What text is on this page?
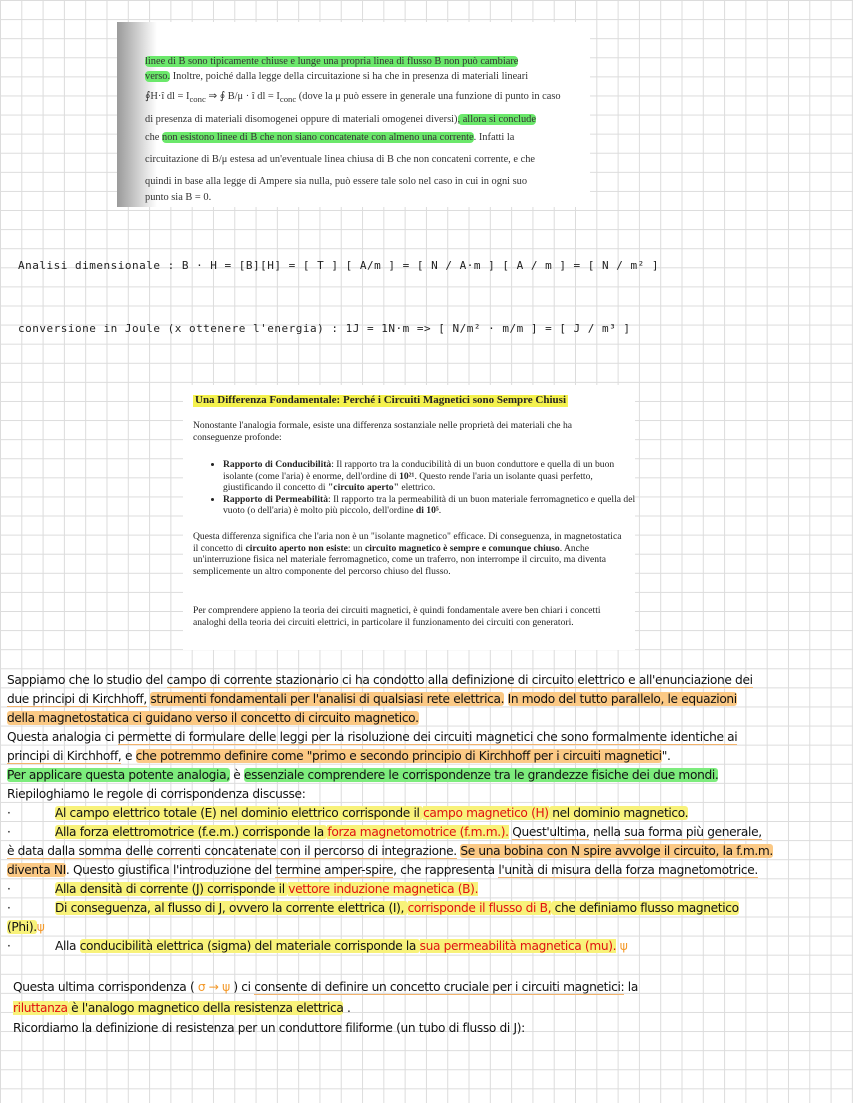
linee di B sono tipicamente chiuse e lunge una propria linea di flusso B non può cambiare
verso. Inoltre, poiché dalla legge della circuitazione si ha che in presenza di materiali lineari
∮H·î dl = $I_{conc}$ ⇒ ∮ B/μ · î dl = $I_{conc}$ (dove la μ può essere in generale una funzione di punto in caso
di presenza di materiali disomogenei oppure di materiali omogenei diversi), allora si conclude
che non esistono linee di B che non siano concatenate con almeno una corrente. Infatti la
circuitazione di B/μ estesa ad un'eventuale linea chiusa di B che non concateni corrente, e che
quindi in base alla legge di Ampere sia nulla, può essere tale solo nel caso in cui in ogni suo
punto sia B = 0.
Analisi dimensionale : B · H = [B][H] = [ T ] [ A/m ] = [ N / A·m ] [ A / m ] = [ N / m² ]
conversione in Joule (x ottenere l'energia) : 1J = 1N·m => [ N/m² · m/m ] = [ J / m³ ]
Una Differenza Fondamentale: Perché i Circuiti Magnetici sono Sempre Chiusi

Nonostante l'analogia formale, esiste una differenza sostanziale nelle proprietà dei materiali che ha conseguenze profonde:

• Rapporto di Conducibilità: Il rapporto tra la conducibilità di un buon conduttore e quella di un buon isolante (come l'aria) è enorme, dell'ordine di 10²¹. Questo rende l'aria un isolante quasi perfetto, giustificando il concetto di "circuito aperto" elettrico.
• Rapporto di Permeabilità: Il rapporto tra la permeabilità di un buon materiale ferromagnetico e quella del vuoto (o dell'aria) è molto più piccolo, dell'ordine di 10⁵.

Questa differenza significa che l'aria non è un "isolante magnetico" efficace. Di conseguenza, in magnetostatica il concetto di circuito aperto non esiste: un circuito magnetico è sempre e comunque chiuso. Anche un'interruzione fisica nel materiale ferromagnetico, come un traferro, non interrompe il circuito, ma diventa semplicemente un altro componente del percorso chiuso del flusso.

Per comprendere appieno la teoria dei circuiti magnetici, è quindi fondamentale avere ben chiari i concetti analoghi della teoria dei circuiti elettrici, in particolare il funzionamento dei circuiti con generatori.

Sappiamo che lo studio del campo di corrente stazionario ci ha condotto alla definizione di circuito elettrico e all'enunciazione dei
due principi di Kirchhoff, strumenti fondamentali per l'analisi di qualsiasi rete elettrica. In modo del tutto parallelo, le equazioni
della magnetostatica ci guidano verso il concetto di circuito magnetico.
Questa analogia ci permette di formulare delle leggi per la risoluzione dei circuiti magnetici che sono formalmente identiche ai
principi di Kirchhoff, e che potremmo definire come "primo e secondo principio di Kirchhoff per i circuiti magnetici".
Per applicare questa potente analogia, è essenziale comprendere le corrispondenze tra le grandezze fisiche dei due mondi.
Riepiloghiamo le regole di corrispondenza discusse:
·	Al campo elettrico totale (E) nel dominio elettrico corrisponde il campo magnetico (H) nel dominio magnetico.
·	Alla forza elettromotrice (f.e.m.) corrisponde la forza magnetomotrice (f.m.m.). Quest'ultima, nella sua forma più generale,
è data dalla somma delle correnti concatenate con il percorso di integrazione. Se una bobina con N spire avvolge il circuito, la f.m.m.
diventa NI. Questo giustifica l'introduzione del termine amper-spire, che rappresenta l'unità di misura della forza magnetomotrice.
·	Alla densità di corrente (J) corrisponde il vettore induzione magnetica (B).
·	Di conseguenza, al flusso di J, ovvero la corrente elettrica (I), corrisponde il flusso di B, che definiamo flusso magnetico
(Phi).ψ
·	Alla conducibilità elettrica (sigma) del materiale corrisponde la sua permeabilità magnetica (mu). ψ
Questa ultima corrispondenza ( σ → ψ ) ci consente di definire un concetto cruciale per i circuiti magnetici: la
riluttanza è l'analogo magnetico della resistenza elettrica .
Ricordiamo la definizione di resistenza per un conduttore filiforme (un tubo di flusso di J):
